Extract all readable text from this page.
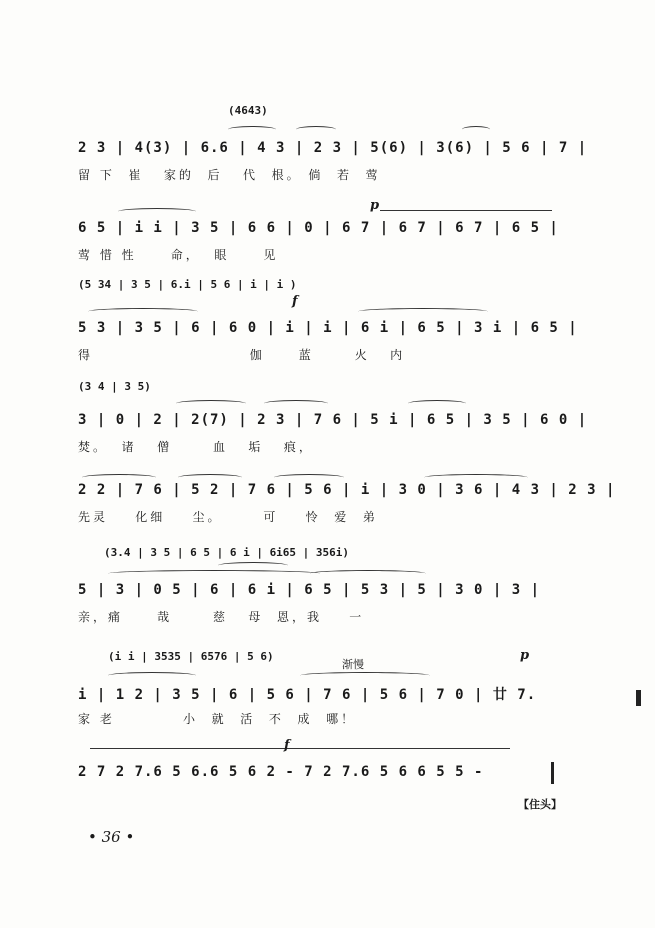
(4643)
2 3 | 4(3) | 6.6 | 4 3 | 2 3 | 5(6) | 3(6) | 5 6 | 7 |
留 下  崔   家的  后   代  根。 倘  若  莺
p
6 5 | i i | 3 5 | 6 6 | 0 | 6 7 | 6 7 | 6 7 | 6 5 |
莺 惜 性     命，  眼     见
(5 34 | 3 5 | 6.i | 5 6 | i | i )
f
5 3 | 3 5 | 6 | 6 0 | i | i | 6 i | 6 5 | 3 i | 6 5 |
得                       伽     蓝      火   内
(3 4 | 3 5)
3 | 0 | 2 | 2(7) | 2 3 | 7 6 | 5 i | 6 5 | 3 5 | 6 0 |
焚。  诸   僧      血   垢   痕，
2 2 | 7 6 | 5 2 | 7 6 | 5 6 | i | 3 0 | 3 6 | 4 3 | 2 3 |
先灵    化细    尘。      可    怜  爱  弟
(3.4 | 3 5 | 6 5 | 6 i | 6i65 | 356i)
5 | 3 | 0 5 | 6 | 6 i | 6 5 | 5 3 | 5 | 3 0 | 3 |
亲，痛     哉      慈   母  恩，我    一
(i i | 3535 | 6576 | 5 6)
渐慢
p
i | 1 2 | 3 5 | 6 | 5 6 | 7 6 | 5 6 | 7 0 | 廿 7.
家 老          小  就  活  不  成  哪！
f
2 7 2 7.6 5 6.6 5 6 2 - 7 2 7.6 5 6 6 5 5 -
【住头】
• 36 •
